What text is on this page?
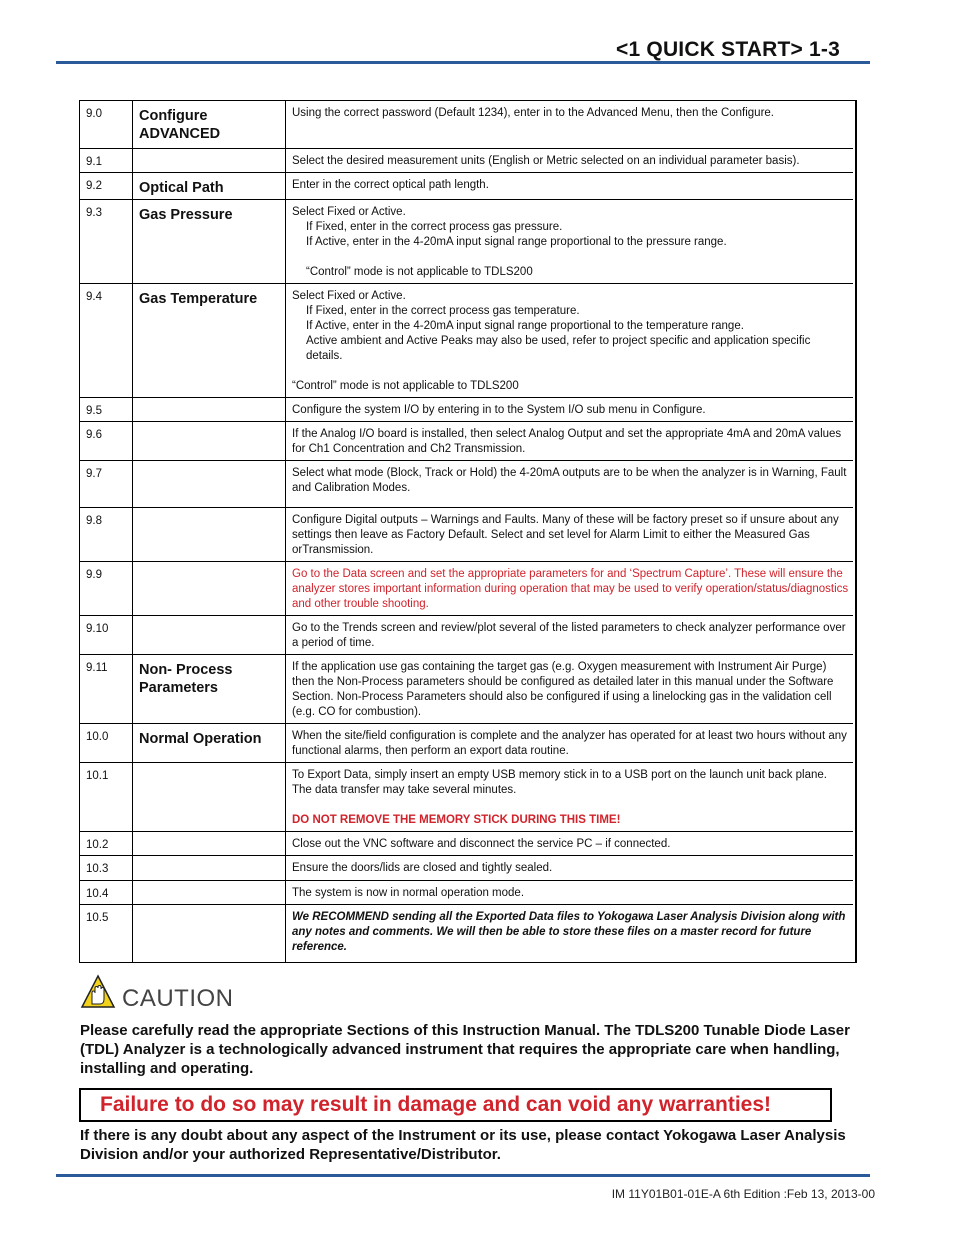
<1 QUICK START> 1-3
9.0	Configure ADVANCED	Using the correct password (Default 1234), enter in to the Advanced Menu, then the Configure.

9.1		Select the desired measurement units (English or Metric selected on an individual parameter basis).

9.2	Optical Path	Enter in the correct optical path length.

9.3	Gas Pressure	Select Fixed or Active.
If Fixed, enter in the correct process gas pressure.
If Active, enter in the 4-20mA input signal range proportional to the pressure range.
“Control” mode is not applicable to TDLS200

9.4	Gas Temperature	Select Fixed or Active.
If Fixed, enter in the correct process gas temperature.
If Active, enter in the 4-20mA input signal range proportional to the temperature range.
Active ambient and Active Peaks may also be used, refer to project specific and application specific details.
“Control” mode is not applicable to TDLS200

9.5		Configure the system I/O by entering in to the System I/O sub menu in Configure.

9.6		If the Analog I/O board is installed, then select Analog Output and set the appropriate 4mA and 20mA values for Ch1 Concentration and Ch2 Transmission.

9.7		Select what mode (Block, Track or Hold) the 4-20mA outputs are to be when the analyzer is in Warning, Fault and Calibration Modes.

9.8		Configure Digital outputs – Warnings and Faults. Many of these will be factory preset so if unsure about any settings then leave as Factory Default. Select and set level for Alarm Limit to either the Measured Gas orTransmission.

9.9		Go to the Data screen and set the appropriate parameters for and ‘Spectrum Capture’. These will ensure the analyzer stores important information during operation that may be used to verify operation/status/diagnostics and other trouble shooting.

9.10		Go to the Trends screen and review/plot several of the listed parameters to check analyzer performance over a period of time.

9.11	Non- Process Parameters	If the application use gas containing the target gas (e.g. Oxygen measurement with Instrument Air Purge) then the Non-Process parameters should be configured as detailed later in this manual under the Software Section. Non-Process Parameters should also be configured if using a linelocking gas in the validation cell (e.g. CO for combustion).

10.0	Normal Operation	When the site/field configuration is complete and the analyzer has operated for at least two hours without any functional alarms, then perform an export data routine.

10.1		To Export Data, simply insert an empty USB memory stick in to a USB port on the launch unit back plane. The data transfer may take several minutes.
DO NOT REMOVE THE MEMORY STICK DURING THIS TIME!

10.2		Close out the VNC software and disconnect the service PC – if connected.

10.3		Ensure the doors/lids are closed and tightly sealed.

10.4		The system is now in normal operation mode.

10.5		We RECOMMEND sending all the Exported Data files to Yokogawa Laser Analysis Division along with any notes and comments. We will then be able to store these files on a master record for future reference.
CAUTION
Please carefully read the appropriate Sections of this Instruction Manual. The TDLS200 Tunable Diode Laser (TDL) Analyzer is a technologically advanced instrument that requires the appropriate care when handling, installing and operating.
Failure to do so may result in damage and can void any warranties!
If there is any doubt about any aspect of the Instrument or its use, please contact Yokogawa Laser Analysis Division and/or your authorized Representative/Distributor.
IM 11Y01B01-01E-A 6th Edition :Feb 13, 2013-00
